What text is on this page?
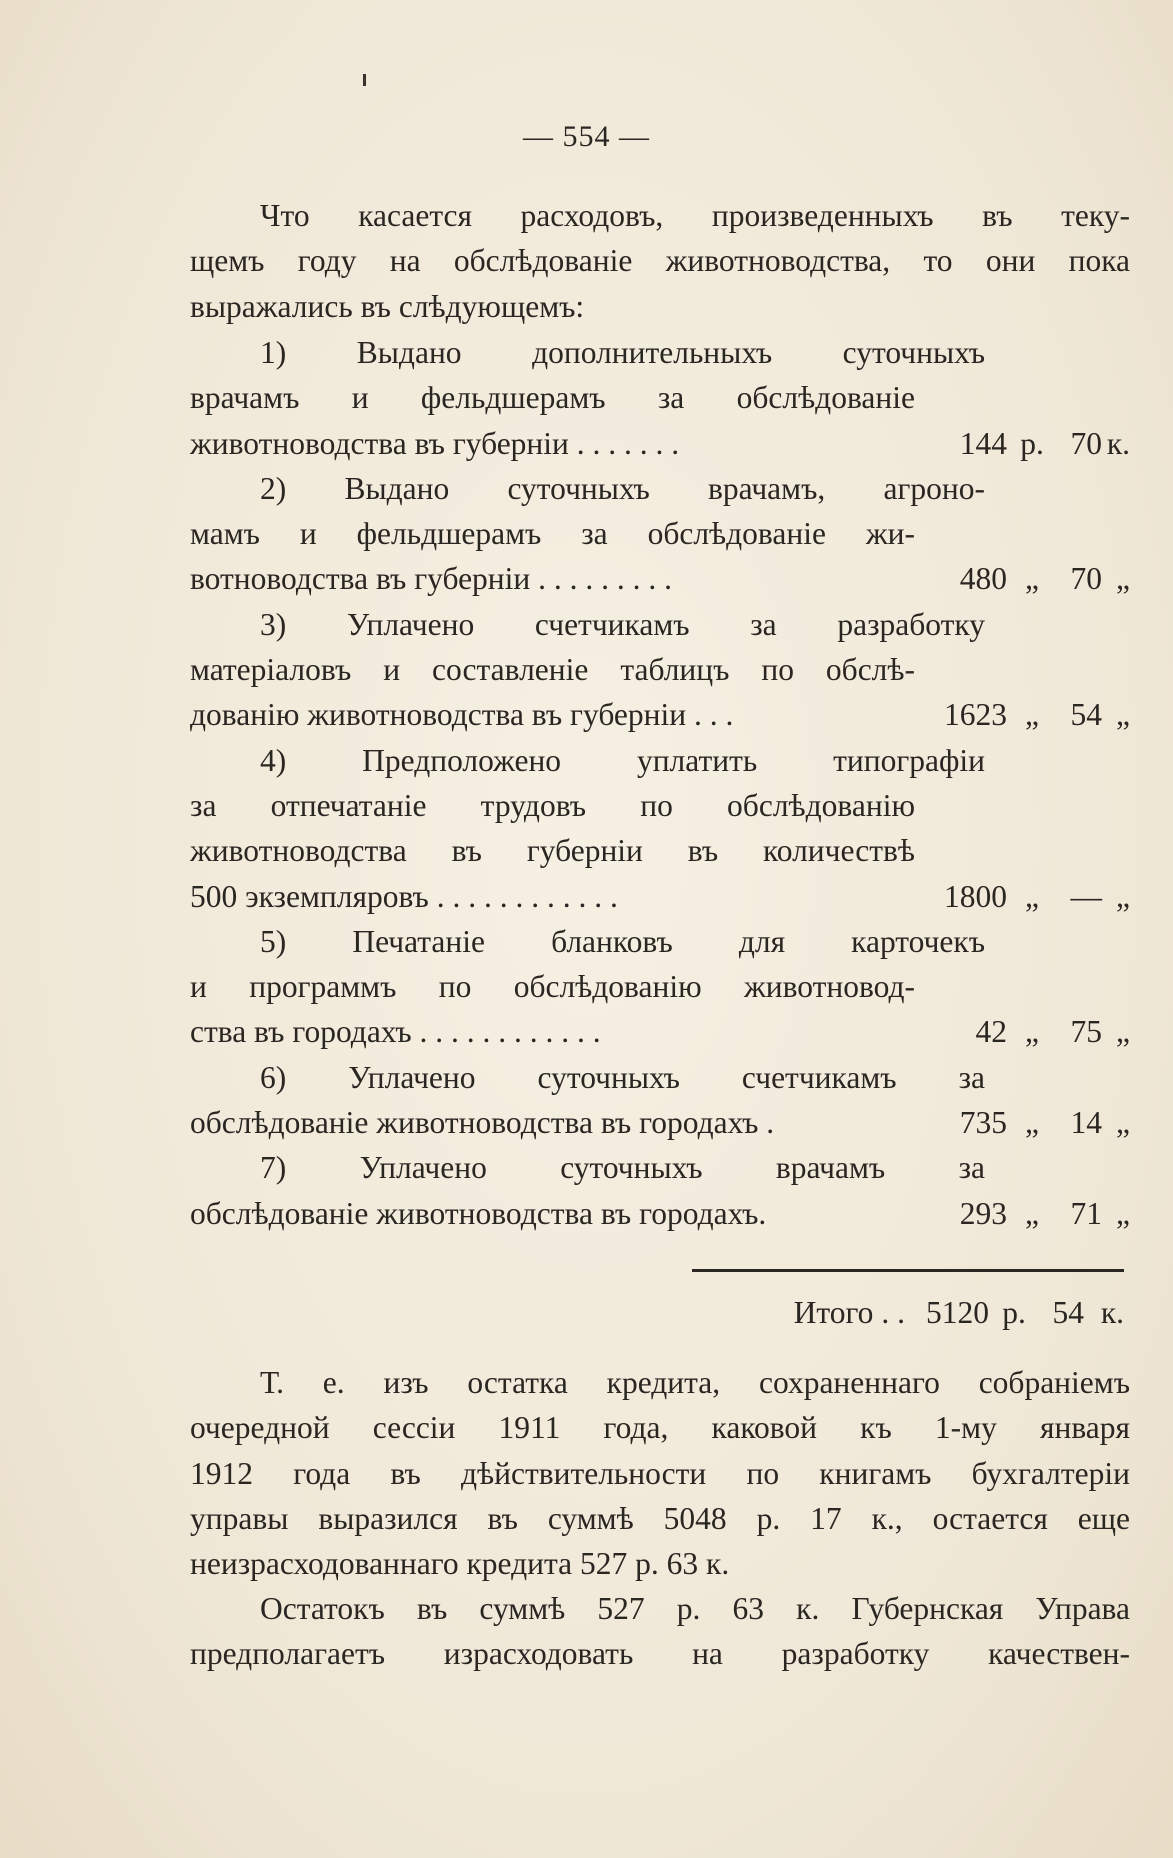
— 554 —
Что касается расходовъ, произведенныхъ въ теку-
щемъ году на обслѣдованіе животноводства, то они пока
выражались въ слѣдующемъ:
1) Выдано дополнительныхъ суточныхъ
врачамъ и фельдшерамъ за обслѣдованіе
животноводства въ губерніи . . . . . . .	144 р. 70 к.
2) Выдано суточныхъ врачамъ, агроно-
мамъ и фельдшерамъ за обслѣдованіе жи-
вотноводства въ губерніи . . . . . . . . .	480 „	70 „
3) Уплачено счетчикамъ за разработку
матеріаловъ и составленіе таблицъ по обслѣ-
дованію животноводства въ губерніи . . .	1623 „	54 „
4) Предположено уплатить типографіи
за отпечатаніе трудовъ по обслѣдованію
животноводства въ губерніи въ количествѣ
500 экземпляровъ . . . . . . . . . . . .	1800 „	— „
5) Печатаніе бланковъ для карточекъ
и программъ по обслѣдованію животновод-
ства въ городахъ . . . . . . . . . . . .	42 „	75 „
6) Уплачено суточныхъ счетчикамъ за
обслѣдованіе животноводства въ городахъ .	735 „	14 „
7) Уплачено суточныхъ врачамъ за
обслѣдованіе животноводства въ городахъ.	293 „	71 „
Итого . . 5120 р. 54 к.
Т. е. изъ остатка кредита, сохраненнаго собраніемъ
очередной сессіи 1911 года, каковой къ 1-му января
1912 года въ дѣйствительности по книгамъ бухгалтеріи
управы выразился въ суммѣ 5048 р. 17 к., остается еще
неизрасходованнаго кредита 527 р. 63 к.
Остатокъ въ суммѣ 527 р. 63 к. Губернская Управа
предполагаетъ израсходовать на разработку качествен-
